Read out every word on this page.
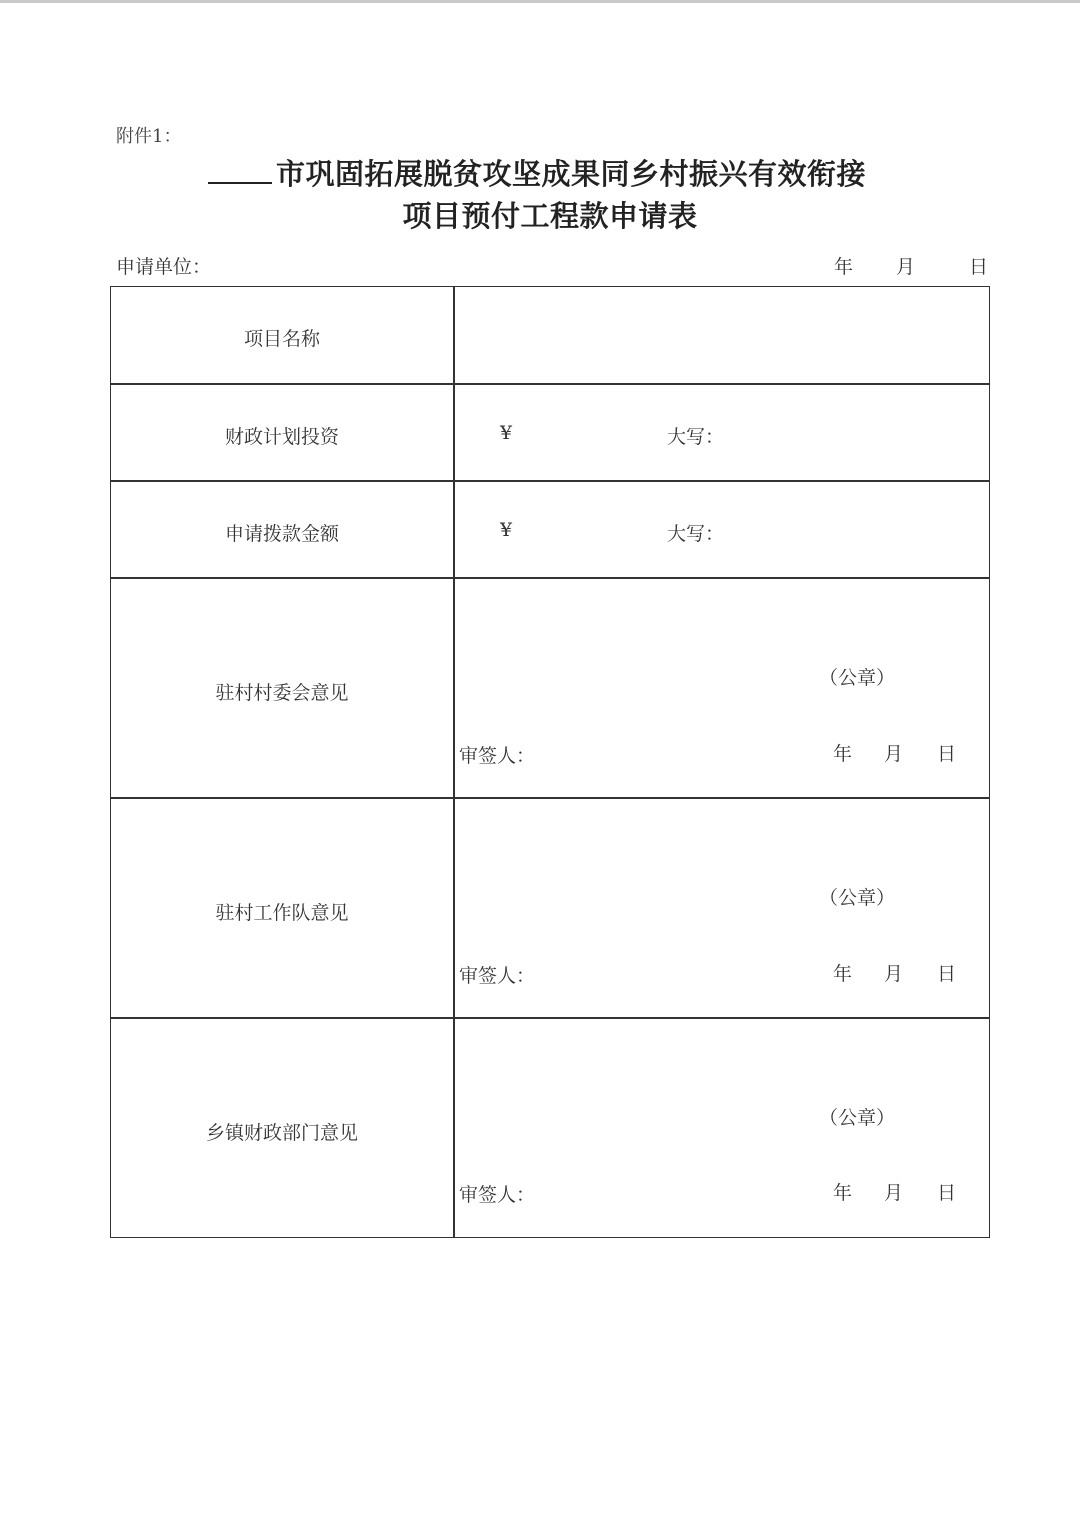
附件1：
市巩固拓展脱贫攻坚成果同乡村振兴有效衔接
项目预付工程款申请表
申请单位：	年 月	日
项目名称
财政计划投资	¥	大写：
申请拨款金额	¥	大写：
驻村村委会意见
（公章）
审签人：	年 月 日
驻村工作队意见
（公章）
审签人：	年 月 日
乡镇财政部门意见
（公章）
审签人：	年 月 日
